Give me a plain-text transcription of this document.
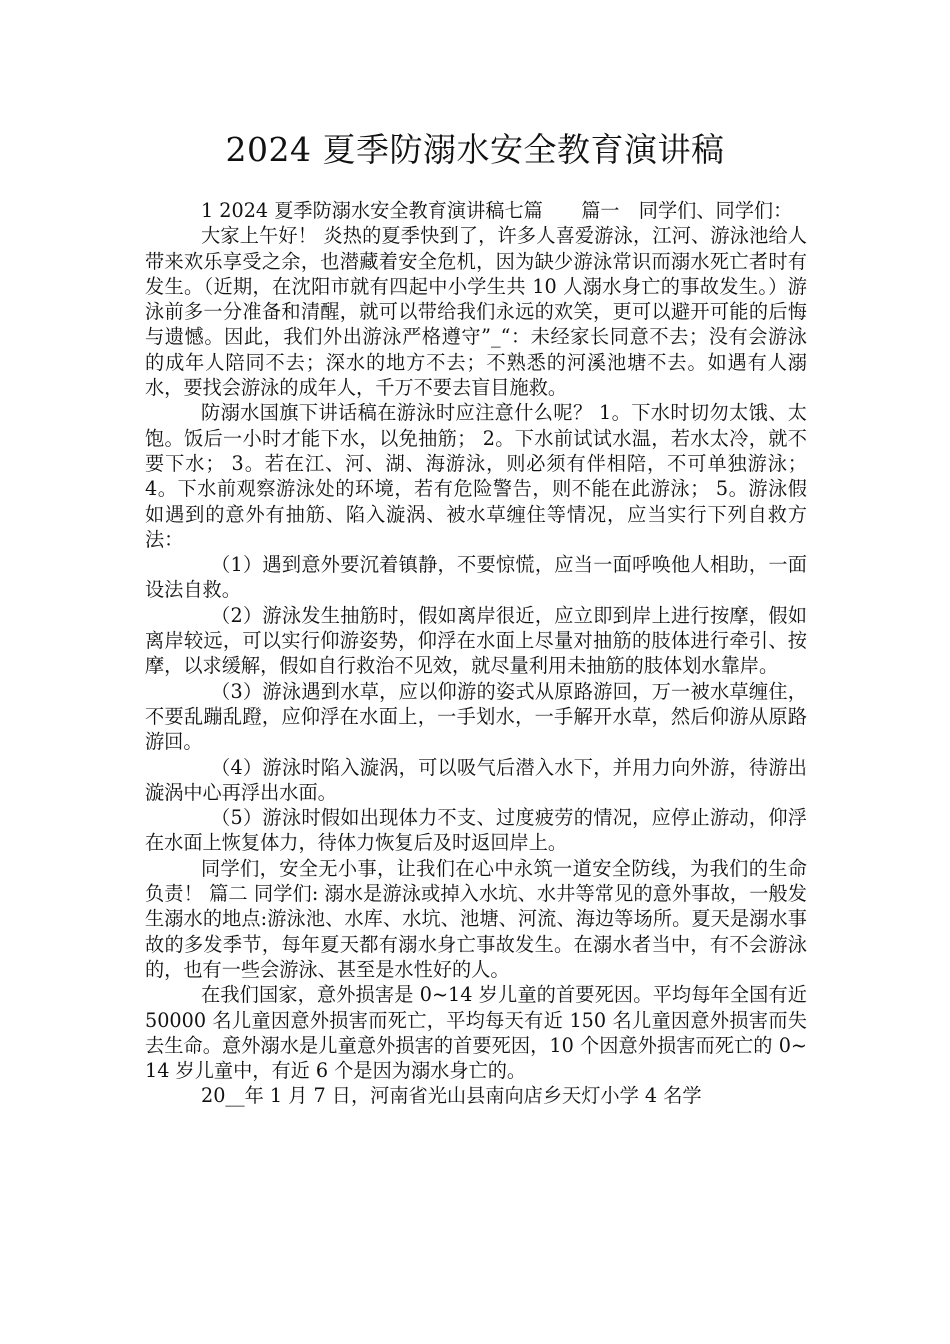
2024 夏季防溺水安全教育演讲稿

1 2024 夏季防溺水安全教育演讲稿七篇　　篇一　同学们、同学们：

大家上午好！ 炎热的夏季快到了，许多人喜爱游泳，江河、游泳池给人带来欢乐享受之余，也潜藏着安全危机，因为缺少游泳常识而溺水死亡者时有发生。（近期，在沈阳市就有四起中小学生共 10 人溺水身亡的事故发生。）游泳前多一分准备和清醒，就可以带给我们永远的欢笑，更可以避开可能的后悔与遗憾。因此，我们外出游泳严格遵守”_“：未经家长同意不去；没有会游泳的成年人陪同不去；深水的地方不去；不熟悉的河溪池塘不去。如遇有人溺水，要找会游泳的成年人，千万不要去盲目施救。

防溺水国旗下讲话稿在游泳时应注意什么呢？ 1。下水时切勿太饿、太饱。饭后一小时才能下水，以免抽筋； 2。下水前试试水温，若水太冷，就不要下水； 3。若在江、河、湖、海游泳，则必须有伴相陪，不可单独游泳； 4。下水前观察游泳处的环境，若有危险警告，则不能在此游泳； 5。游泳假如遇到的意外有抽筋、陷入漩涡、被水草缠住等情况，应当实行下列自救方法：

（1）遇到意外要沉着镇静，不要惊慌，应当一面呼唤他人相助，一面设法自救。

（2）游泳发生抽筋时，假如离岸很近，应立即到岸上进行按摩，假如离岸较远，可以实行仰游姿势，仰浮在水面上尽量对抽筋的肢体进行牵引、按摩，以求缓解，假如自行救治不见效，就尽量利用未抽筋的肢体划水靠岸。

（3）游泳遇到水草，应以仰游的姿式从原路游回，万一被水草缠住，不要乱蹦乱蹬，应仰浮在水面上，一手划水，一手解开水草，然后仰游从原路游回。

（4）游泳时陷入漩涡，可以吸气后潜入水下，并用力向外游，待游出漩涡中心再浮出水面。

（5）游泳时假如出现体力不支、过度疲劳的情况，应停止游动，仰浮在水面上恢复体力，待体力恢复后及时返回岸上。

同学们，安全无小事，让我们在心中永筑一道安全防线，为我们的生命负责！ 篇二 同学们: 溺水是游泳或掉入水坑、水井等常见的意外事故，一般发生溺水的地点:游泳池、水库、水坑、池塘、河流、海边等场所。夏天是溺水事故的多发季节，每年夏天都有溺水身亡事故发生。在溺水者当中，有不会游泳的，也有一些会游泳、甚至是水性好的人。

在我们国家，意外损害是 0~14 岁儿童的首要死因。平均每年全国有近 50000 名儿童因意外损害而死亡，平均每天有近 150 名儿童因意外损害而失去生命。意外溺水是儿童意外损害的首要死因，10 个因意外损害而死亡的 0~14 岁儿童中，有近 6 个是因为溺水身亡的。

20__年 1 月 7 日，河南省光山县南向店乡天灯小学 4 名学
